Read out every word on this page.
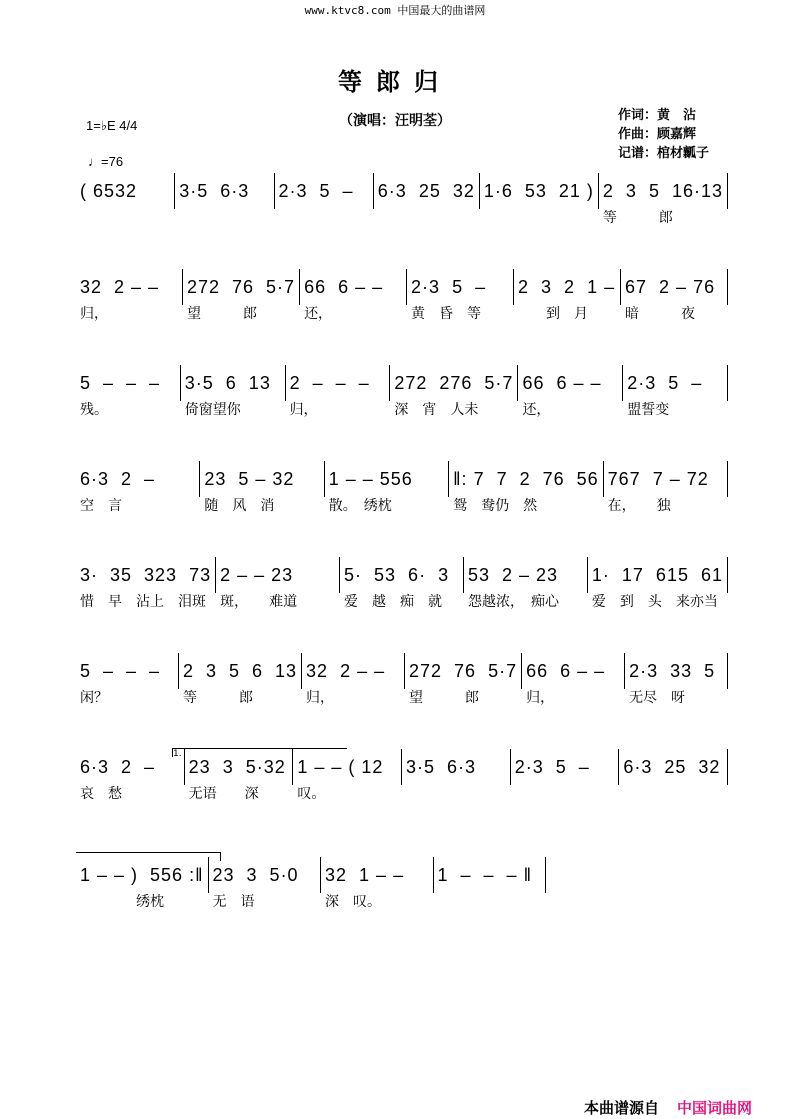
www.ktvc8.com 中国最大的曲谱网
等郎归
（演唱：汪明荃）	作词：黄　沾
作曲：顾嘉辉
记谱：棺材瓤子
1=♭E 4/4
♩=76
( 6532	3·5  6·3	2·3  5  –	6·3  25  32 1·6  53  21 ) 2  3  5  16·13
等　　　郎
32  2 – –
归，
272  76  5·7
望　　　郎
66  6 – –
还，
2·3  5  –
黄　昏　等
2  3  2  1 –
　　到　月
67  2 – 76
暗　　　夜
5  –  –  –
残。
3·5  6  13
倚窗望你
2  –  –  –
归，
272  276  5·7
深　宵　人未
66  6 – –
还，
2·3  5  –
盟誓变
6·3  2  –
空　言
23  5 – 32
随　风　消
1 – – 556
散。　绣枕
‖: 7  7  2  76  56
鸳　鸯仍　然
767  7 – 72
在，　　独
3·  35  323  73
惜　早　沾上　泪斑
2 – – 23
斑，　　难道
5·  53  6·  3
爱　越　痴　就
53  2 – 23
怨越浓，　痴心
1·  17  615  61
爱　到　头　来亦当
5  –  –  –
闲？
2  3  5  6  13
等　　　郎
32  2 – –
归，
272  76  5·7
望　　　郎
66  6 – –
归，
2·3  33  5
无尽　呀
6·3  2  –
哀　愁
23  3  5·32
无语　　深
1 – – ( 12
叹。
3·5  6·3	2·3  5  –	6·3  25  32
1 – – )  556 :‖
　　　　绣枕
23  3  5·0
无　语
32  1 – –
深　叹。
1  –  –  – ‖
1.
本曲谱源自 中国词曲网
